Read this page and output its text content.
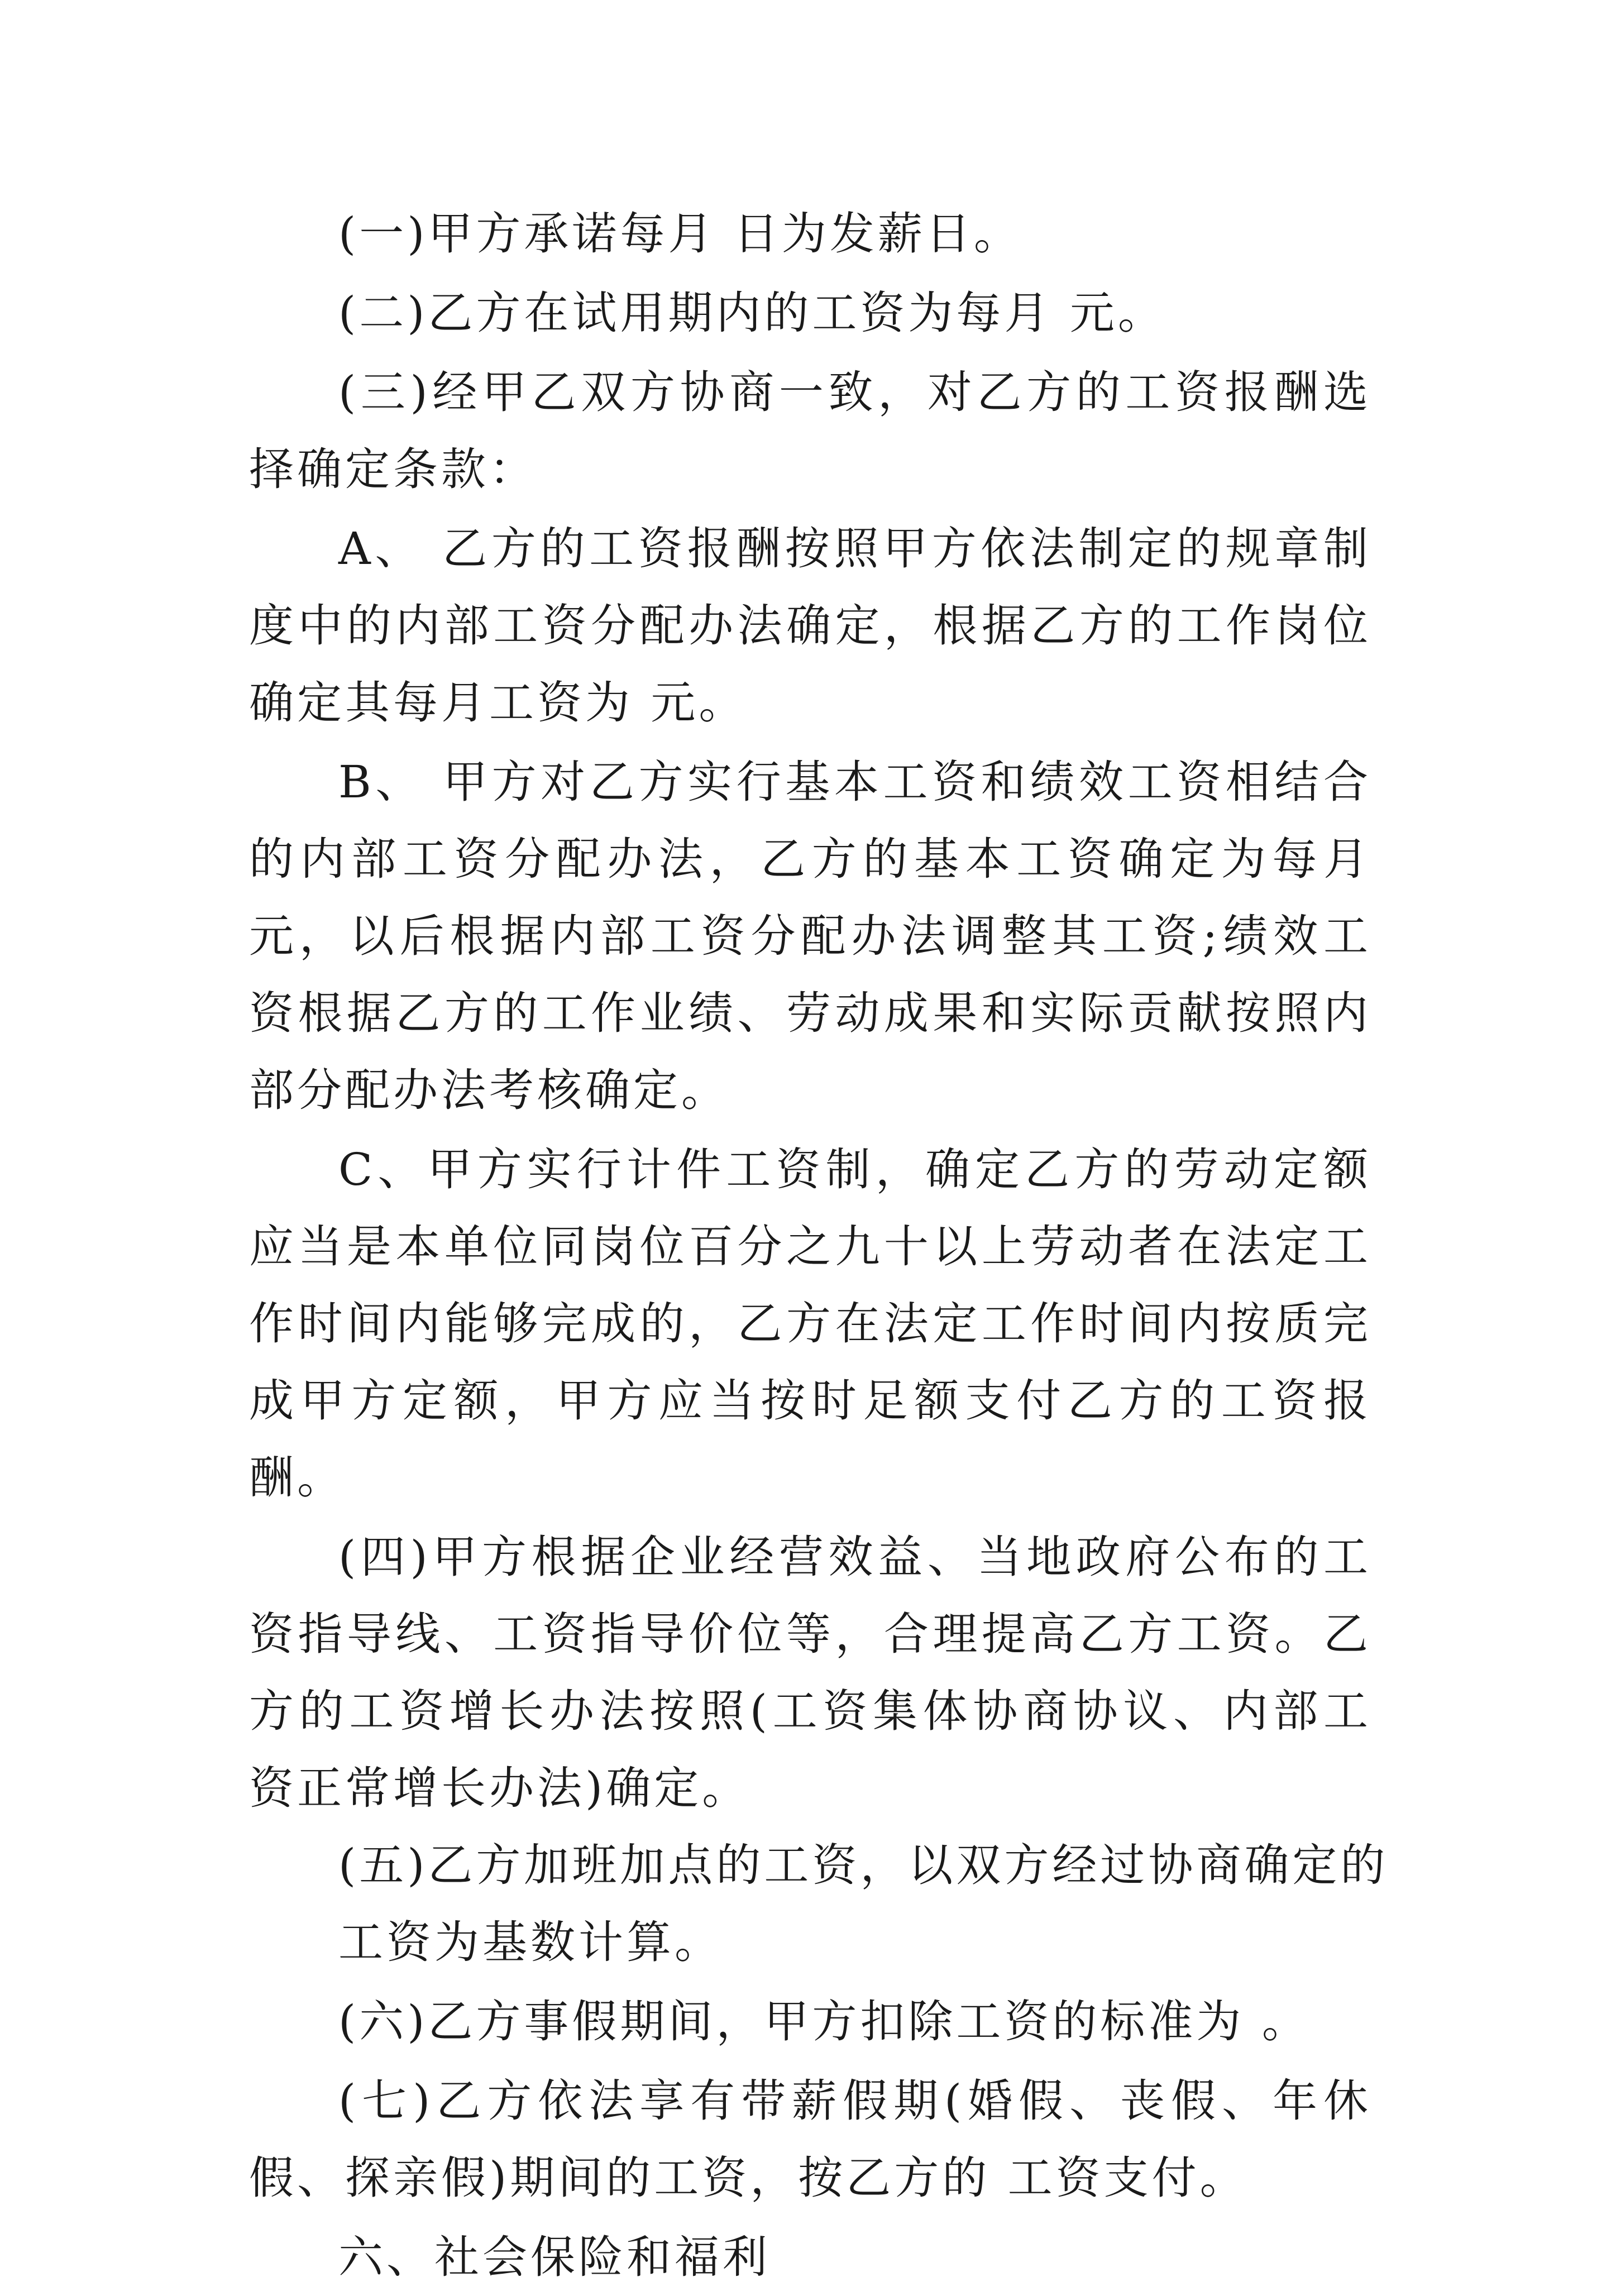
(一)甲方承诺每月 日为发薪日。

(二)乙方在试用期内的工资为每月 元。

(三)经甲乙双方协商一致，对乙方的工资报酬选择确定条款：

A、 乙方的工资报酬按照甲方依法制定的规章制度中的内部工资分配办法确定，根据乙方的工作岗位确定其每月工资为 元。

B、 甲方对乙方实行基本工资和绩效工资相结合的内部工资分配办法，乙方的基本工资确定为每月元，以后根据内部工资分配办法调整其工资;绩效工资根据乙方的工作业绩、劳动成果和实际贡献按照内部分配办法考核确定。

C、甲方实行计件工资制，确定乙方的劳动定额应当是本单位同岗位百分之九十以上劳动者在法定工作时间内能够完成的，乙方在法定工作时间内按质完成甲方定额，甲方应当按时足额支付乙方的工资报酬。

(四)甲方根据企业经营效益、当地政府公布的工资指导线、工资指导价位等，合理提高乙方工资。乙方的工资增长办法按照(工资集体协商协议、内部工资正常增长办法)确定。

(五)乙方加班加点的工资，以双方经过协商确定的

工资为基数计算。

(六)乙方事假期间，甲方扣除工资的标准为 。

(七)乙方依法享有带薪假期(婚假、丧假、年休假、探亲假)期间的工资，按乙方的 工资支付。

六、社会保险和福利
